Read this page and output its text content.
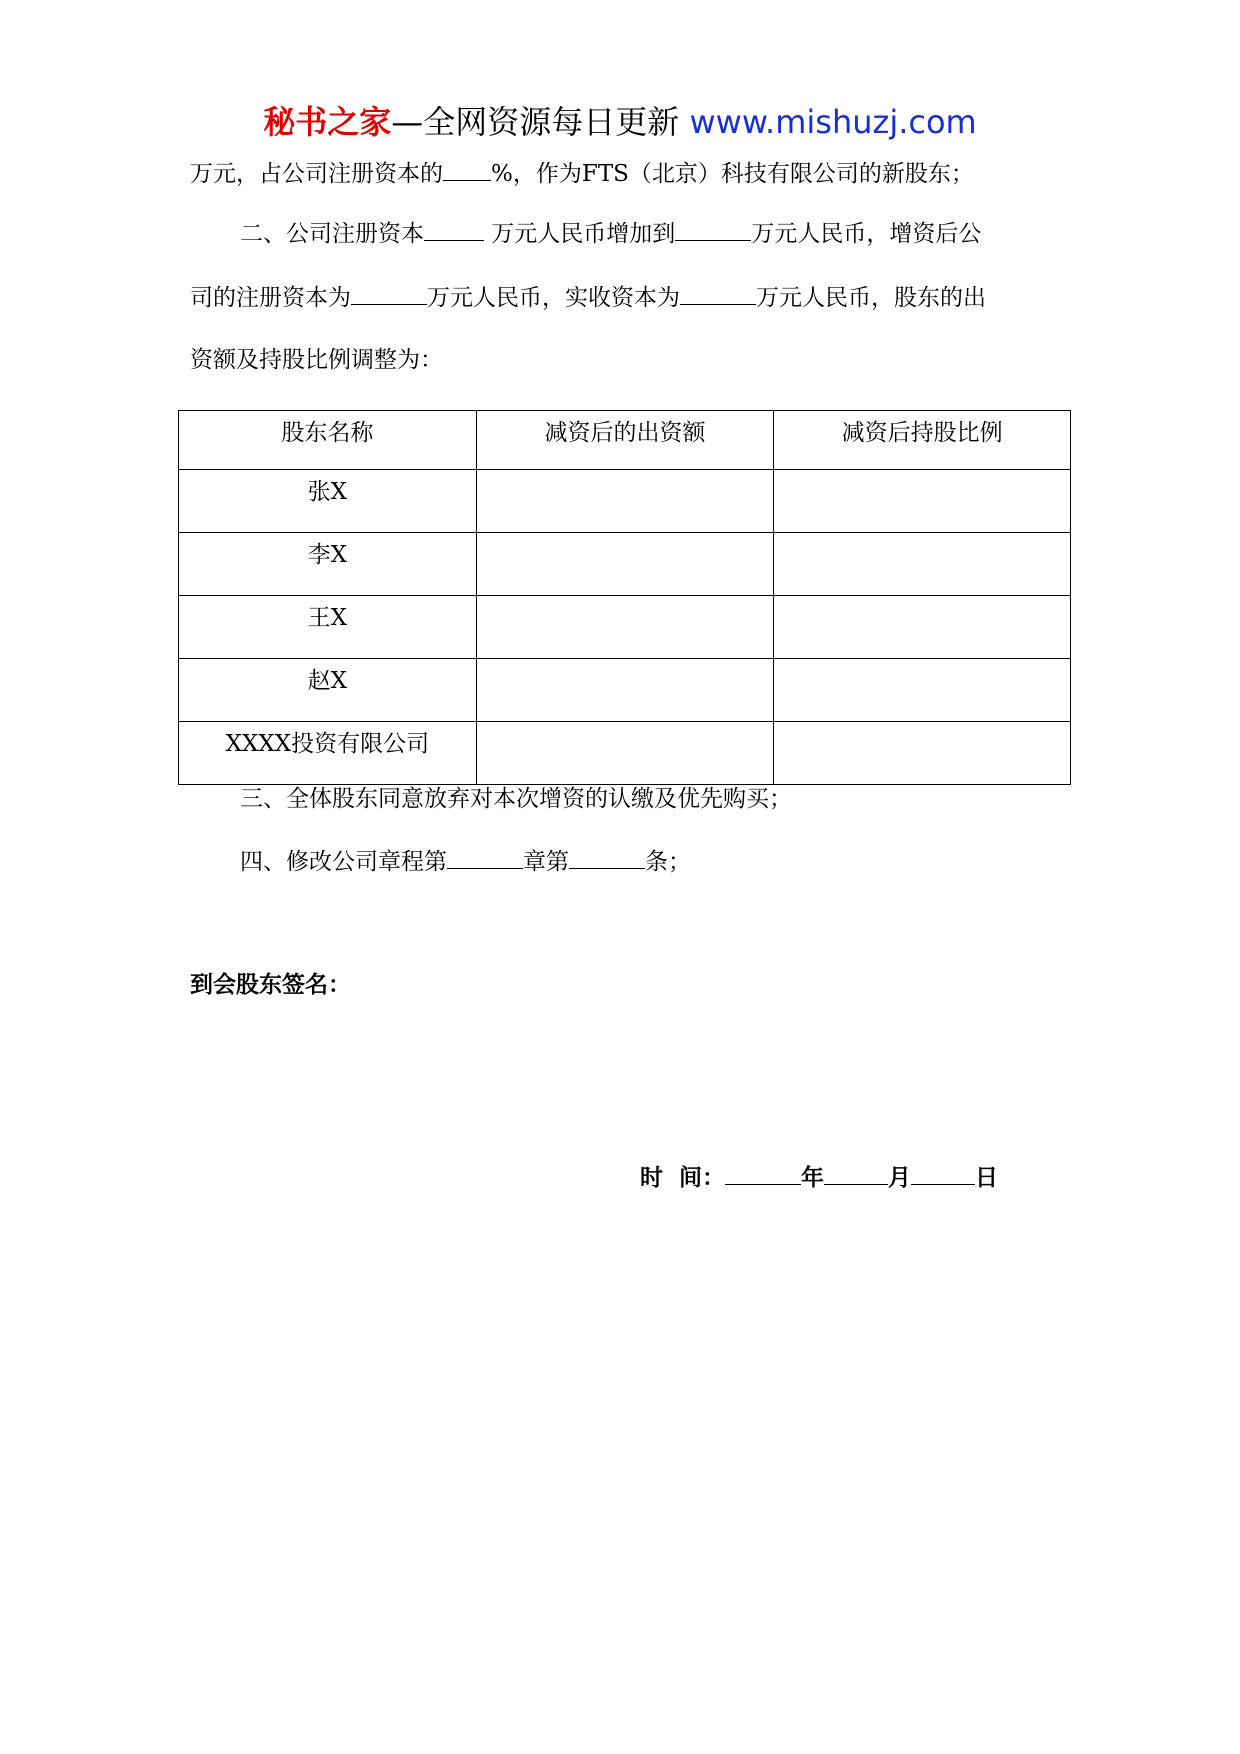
秘书之家—全网资源每日更新 www.mishuzj.com
万元，占公司注册资本的 %，作为FTS（北京）科技有限公司的新股东；
二、公司注册资本	万元人民币增加到	万元人民币，增资后公
司的注册资本为	万元人民币，实收资本为	万元人民币，股东的出
资额及持股比例调整为：
股东名称	减资后的出资额	减资后持股比例
张X		
李X		
王X		
赵X		
XXXX投资有限公司		
三、全体股东同意放弃对本次增资的认缴及优先购买；
四、修改公司章程第	章第	条；
到会股东签名：
时  间：	年	月	日
